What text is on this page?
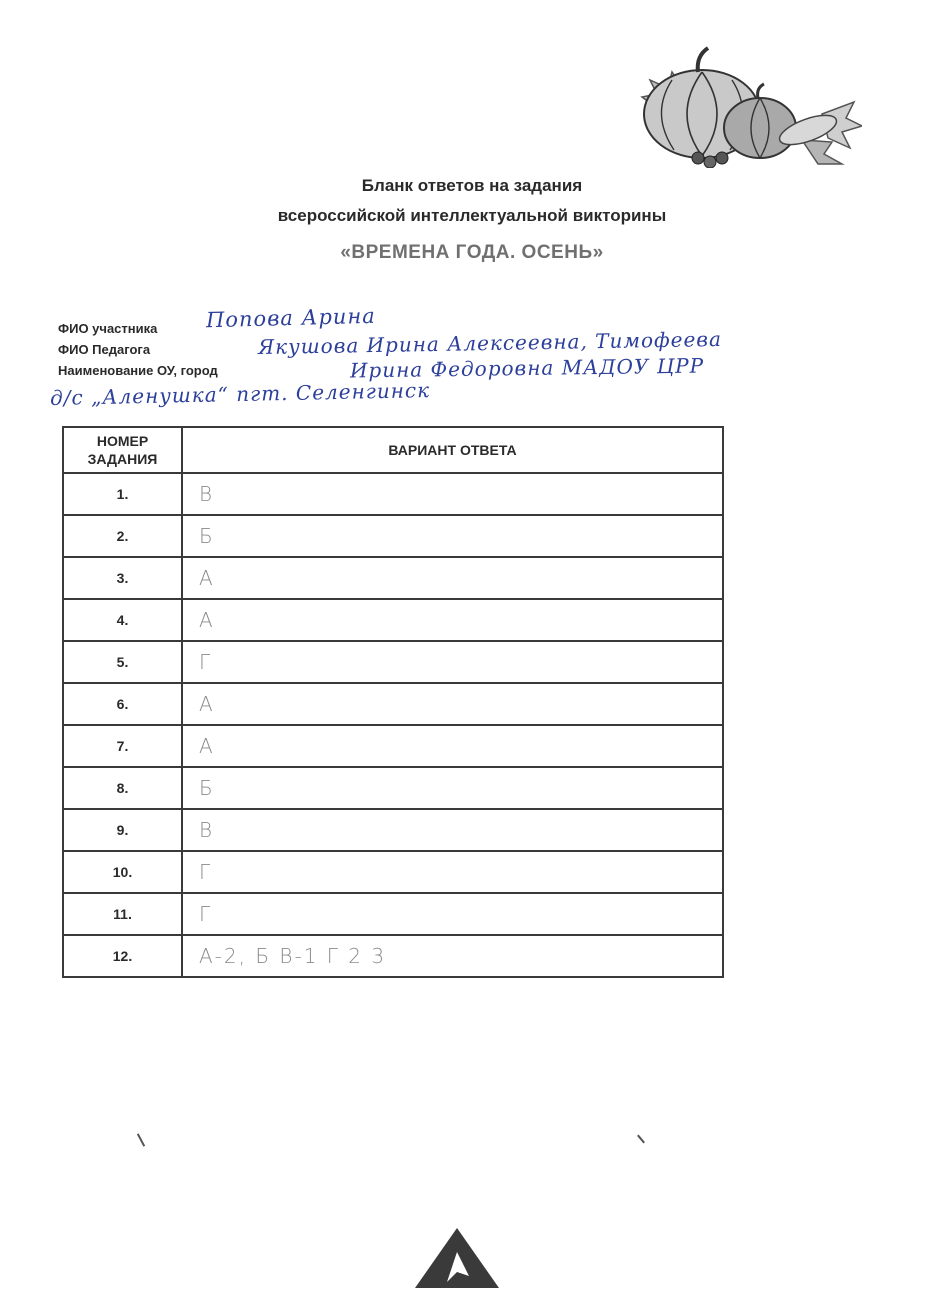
Бланк ответов на задания
всероссийской интеллектуальной викторины
«ВРЕМЕНА ГОДА. ОСЕНЬ»
ФИО участника
ФИО Педагога
Наименование ОУ, город
Попова Арина
Якушова Ирина Алексеевна, Тимофеева
Ирина Федоровна МАДОУ ЦРР
д/с „Аленушка“ пгт. Селенгинск
НОМЕР ЗАДАНИЯ	ВАРИАНТ ОТВЕТА
1.	В
2.	Б
3.	А
4.	А
5.	Г
6.	А
7.	А
8.	Б
9.	В
10.	Г
11.	Г
12.	А-2, Б В-1 Г 2 3
